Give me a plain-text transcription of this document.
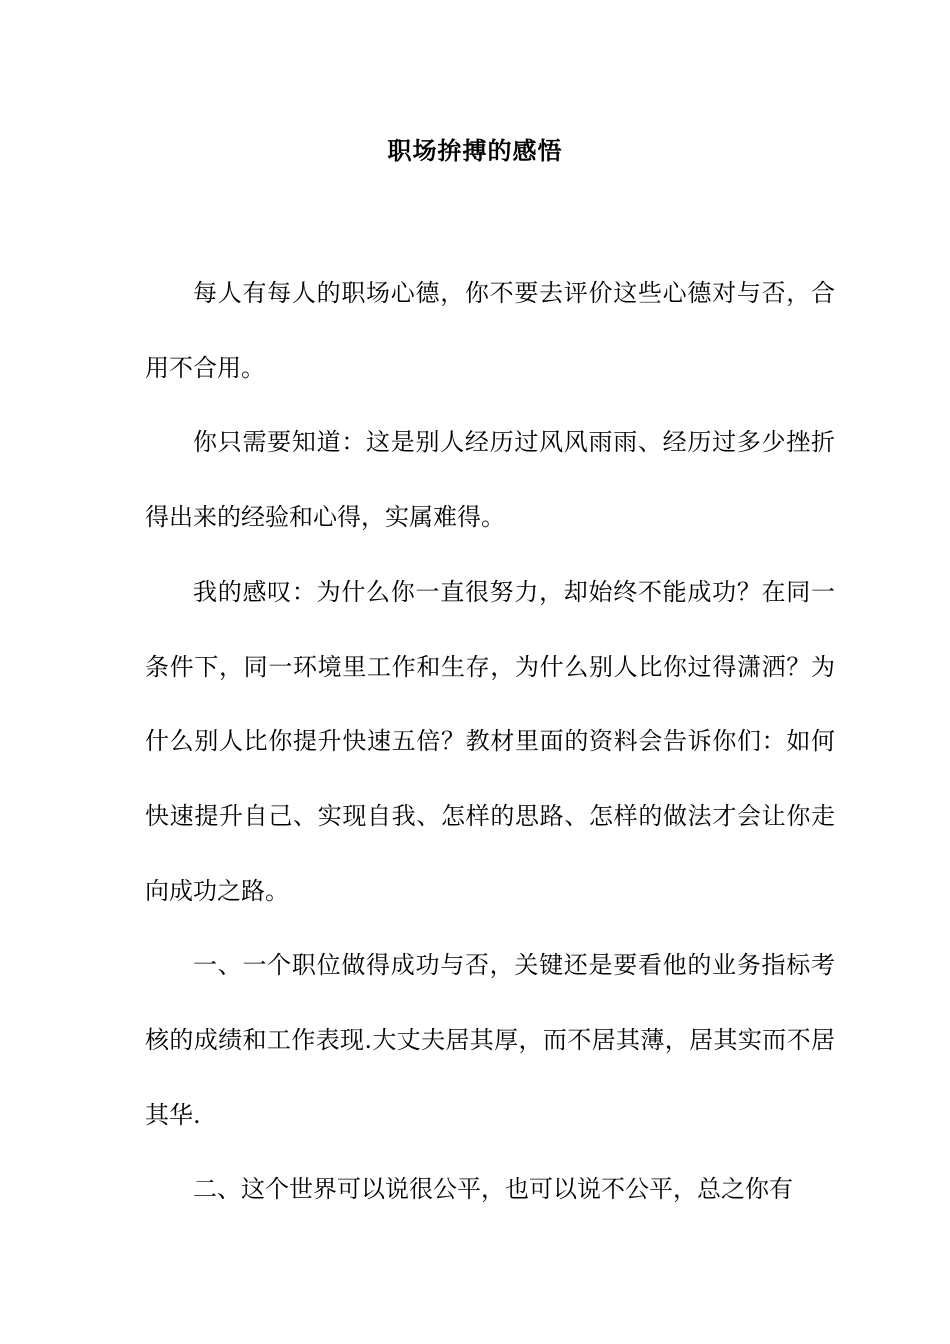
职场拚搏的感悟

每人有每人的职场心德，你不要去评价这些心德对与否，合用不合用。

你只需要知道：这是别人经历过风风雨雨、经历过多少挫折得出来的经验和心得，实属难得。

我的感叹：为什么你一直很努力，却始终不能成功？在同一条件下，同一环境里工作和生存，为什么别人比你过得潇洒？为什么别人比你提升快速五倍？教材里面的资料会告诉你们：如何快速提升自己、实现自我、怎样的思路、怎样的做法才会让你走向成功之路。

一、一个职位做得成功与否，关键还是要看他的业务指标考核的成绩和工作表现.大丈夫居其厚，而不居其薄，居其实而不居其华.

二、这个世界可以说很公平，也可以说不公平，总之你有
